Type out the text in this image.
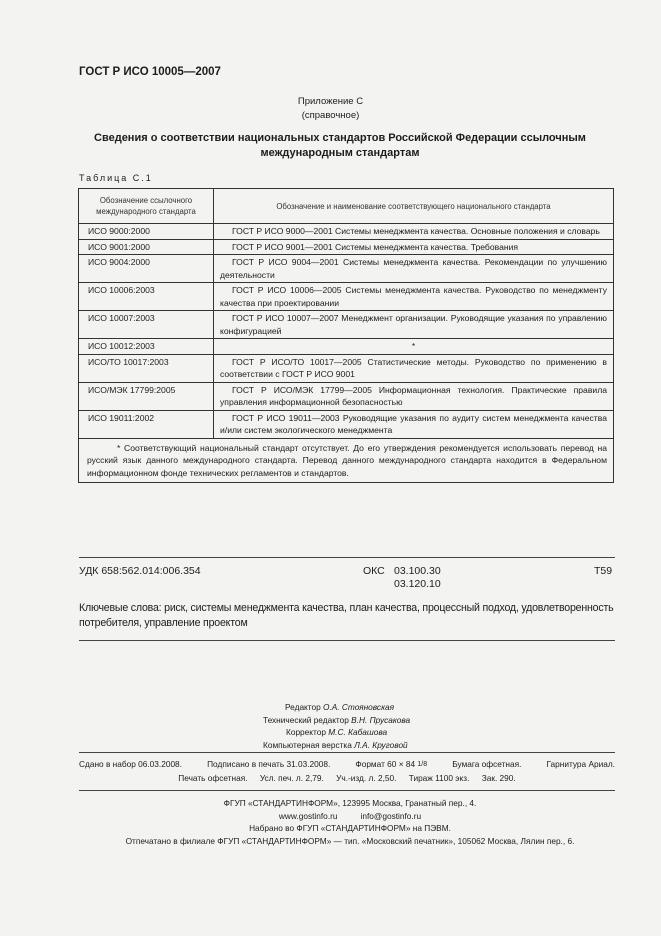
ГОСТ Р ИСО 10005—2007
Приложение С
(справочное)
Сведения о соответствии национальных стандартов Российской Федерации ссылочным
международным стандартам
Таблица С.1
Обозначение ссылочного международного стандарта	Обозначение и наименование соответствующего национального стандарта
ИСО 9000:2000	ГОСТ Р ИСО 9000—2001 Системы менеджмента качества. Основные положения и словарь
ИСО 9001:2000	ГОСТ Р ИСО 9001—2001 Системы менеджмента качества. Требования
ИСО 9004:2000	ГОСТ Р ИСО 9004—2001 Системы менеджмента качества. Рекомендации по улучшению деятельности
ИСО 10006:2003	ГОСТ Р ИСО 10006—2005 Системы менеджмента качества. Руководство по менеджменту качества при проектировании
ИСО 10007:2003	ГОСТ Р ИСО 10007—2007 Менеджмент организации. Руководящие указания по управлению конфигурацией
ИСО 10012:2003	*
ИСО/ТО 10017:2003	ГОСТ Р ИСО/ТО 10017—2005 Статистические методы. Руководство по применению в соответствии с ГОСТ Р ИСО 9001
ИСО/МЭК 17799:2005	ГОСТ Р ИСО/МЭК 17799—2005 Информационная технология. Практические правила управления информационной безопасностью
ИСО 19011:2002	ГОСТ Р ИСО 19011—2003 Руководящие указания по аудиту систем менеджмента качества и/или систем экологического менеджмента
* Соответствующий национальный стандарт отсутствует. До его утверждения рекомендуется использовать перевод на русский язык данного международного стандарта. Перевод данного международного стандарта находится в Федеральном информационном фонде технических регламентов и стандартов.	
УДК 658:562.014:006.354	ОКС 03.100.30
03.120.10
Т59
Ключевые слова: риск, системы менеджмента качества, план качества, процессный подход, удовлетворенность потребителя, управление проектом
Редактор О.А. Стояновская
Технический редактор В.Н. Прусакова
Корректор М.С. Кабашова
Компьютерная верстка Л.А. Круговой
Сдано в набор 06.03.2008.	Подписано в печать 31.03.2008.	Формат 60 × 84 1/8	Бумага офсетная.	Гарнитура Ариал.
Печать офсетная. Усл. печ. л. 2,79. Уч.-изд. л. 2,50. Тираж 1100 экз. Зак. 290.
ФГУП «СТАНДАРТИНФОРМ», 123995 Москва, Гранатный пер., 4.
www.gostinfo.ru	info@gostinfo.ru
Набрано во ФГУП «СТАНДАРТИНФОРМ» на ПЭВМ.
Отпечатано в филиале ФГУП «СТАНДАРТИНФОРМ» — тип. «Московский печатник», 105062 Москва, Лялин пер., 6.
